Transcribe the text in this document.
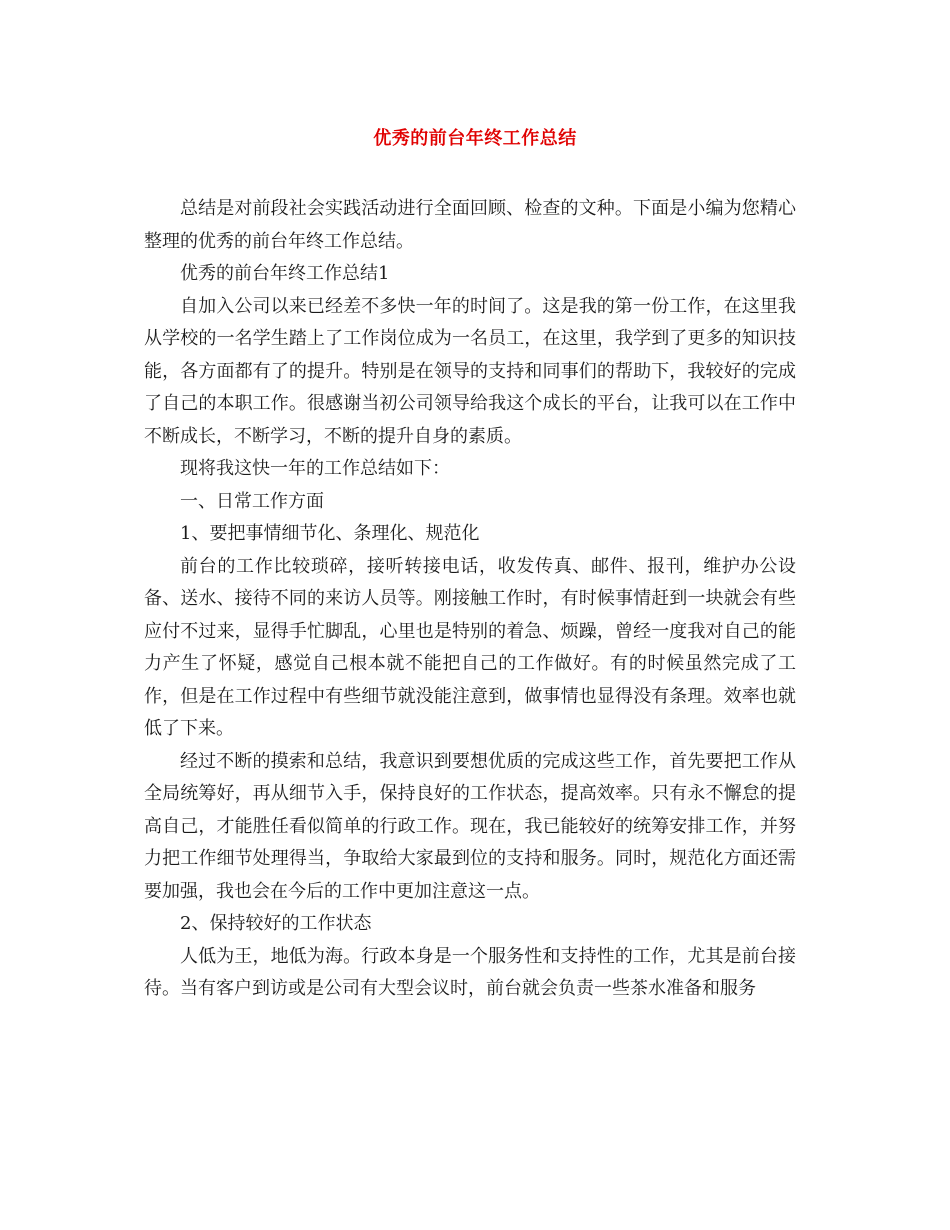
优秀的前台年终工作总结

总结是对前段社会实践活动进行全面回顾、检查的文种。下面是小编为您精心整理的优秀的前台年终工作总结。

优秀的前台年终工作总结1

自加入公司以来已经差不多快一年的时间了。这是我的第一份工作，在这里我从学校的一名学生踏上了工作岗位成为一名员工，在这里，我学到了更多的知识技能，各方面都有了的提升。特别是在领导的支持和同事们的帮助下，我较好的完成了自己的本职工作。很感谢当初公司领导给我这个成长的平台，让我可以在工作中不断成长，不断学习，不断的提升自身的素质。

现将我这快一年的工作总结如下：

一、日常工作方面

1、要把事情细节化、条理化、规范化

前台的工作比较琐碎，接听转接电话，收发传真、邮件、报刊，维护办公设备、送水、接待不同的来访人员等。刚接触工作时，有时候事情赶到一块就会有些应付不过来，显得手忙脚乱，心里也是特别的着急、烦躁，曾经一度我对自己的能力产生了怀疑，感觉自己根本就不能把自己的工作做好。有的时候虽然完成了工作，但是在工作过程中有些细节就没能注意到，做事情也显得没有条理。效率也就低了下来。

经过不断的摸索和总结，我意识到要想优质的完成这些工作，首先要把工作从全局统筹好，再从细节入手，保持良好的工作状态，提高效率。只有永不懈怠的提高自己，才能胜任看似简单的行政工作。现在，我已能较好的统筹安排工作，并努力把工作细节处理得当，争取给大家最到位的支持和服务。同时，规范化方面还需要加强，我也会在今后的工作中更加注意这一点。

2、保持较好的工作状态

人低为王，地低为海。行政本身是一个服务性和支持性的工作，尤其是前台接待。当有客户到访或是公司有大型会议时，前台就会负责一些茶水准备和服务
